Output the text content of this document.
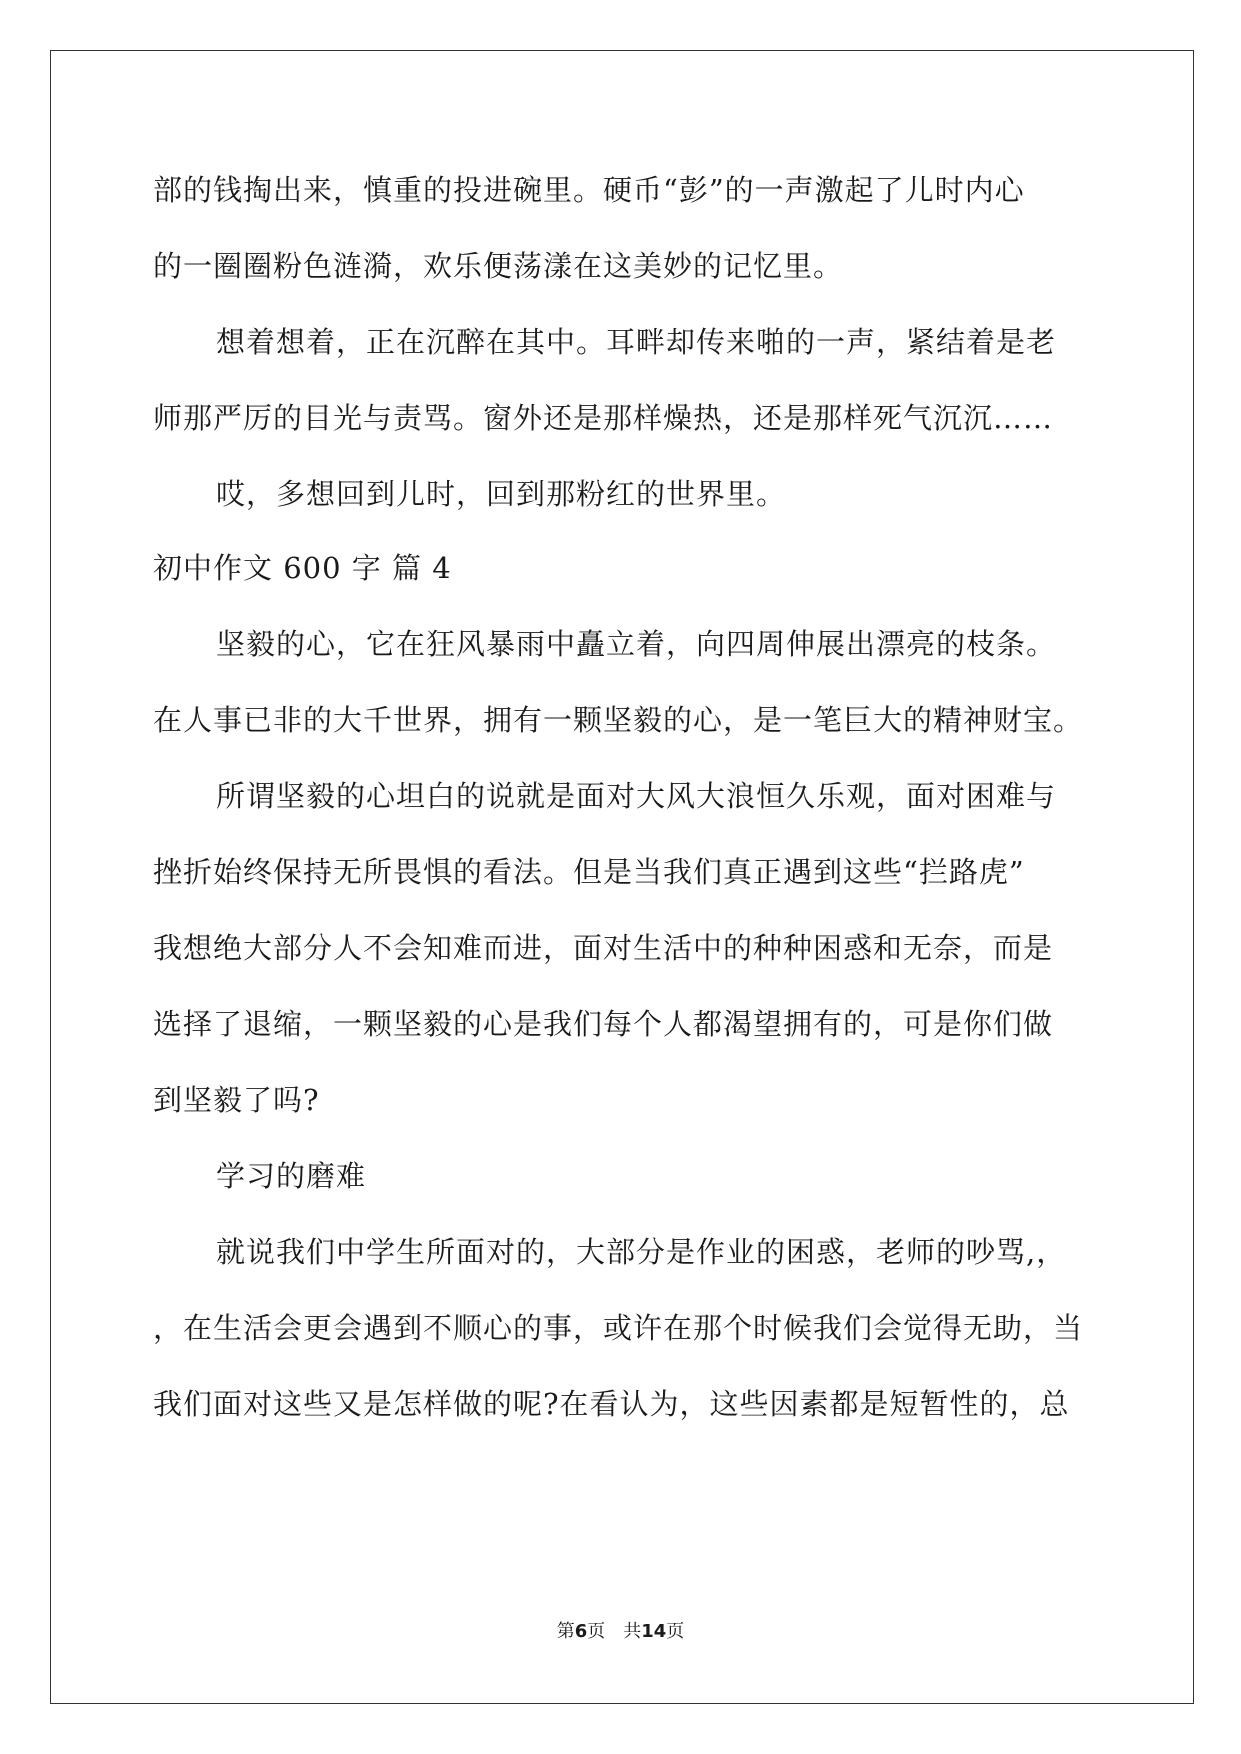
部的钱掏出来，慎重的投进碗里。硬币“彭”的一声激起了儿时内心
的一圈圈粉色涟漪，欢乐便荡漾在这美妙的记忆里。
想着想着，正在沉醉在其中。耳畔却传来啪的一声，紧结着是老
师那严厉的目光与责骂。窗外还是那样燥热，还是那样死气沉沉……
哎，多想回到儿时，回到那粉红的世界里。
初中作文 600 字 篇 4
坚毅的心，它在狂风暴雨中矗立着，向四周伸展出漂亮的枝条。
在人事已非的大千世界，拥有一颗坚毅的心，是一笔巨大的精神财宝。
所谓坚毅的心坦白的说就是面对大风大浪恒久乐观，面对困难与
挫折始终保持无所畏惧的看法。但是当我们真正遇到这些“拦路虎”
我想绝大部分人不会知难而进，面对生活中的种种困惑和无奈，而是
选择了退缩，一颗坚毅的心是我们每个人都渴望拥有的，可是你们做
到坚毅了吗?
学习的磨难
就说我们中学生所面对的，大部分是作业的困惑，老师的吵骂,，
，在生活会更会遇到不顺心的事，或许在那个时候我们会觉得无助，当
我们面对这些又是怎样做的呢?在看认为，这些因素都是短暂性的，总
第6页 共14页
